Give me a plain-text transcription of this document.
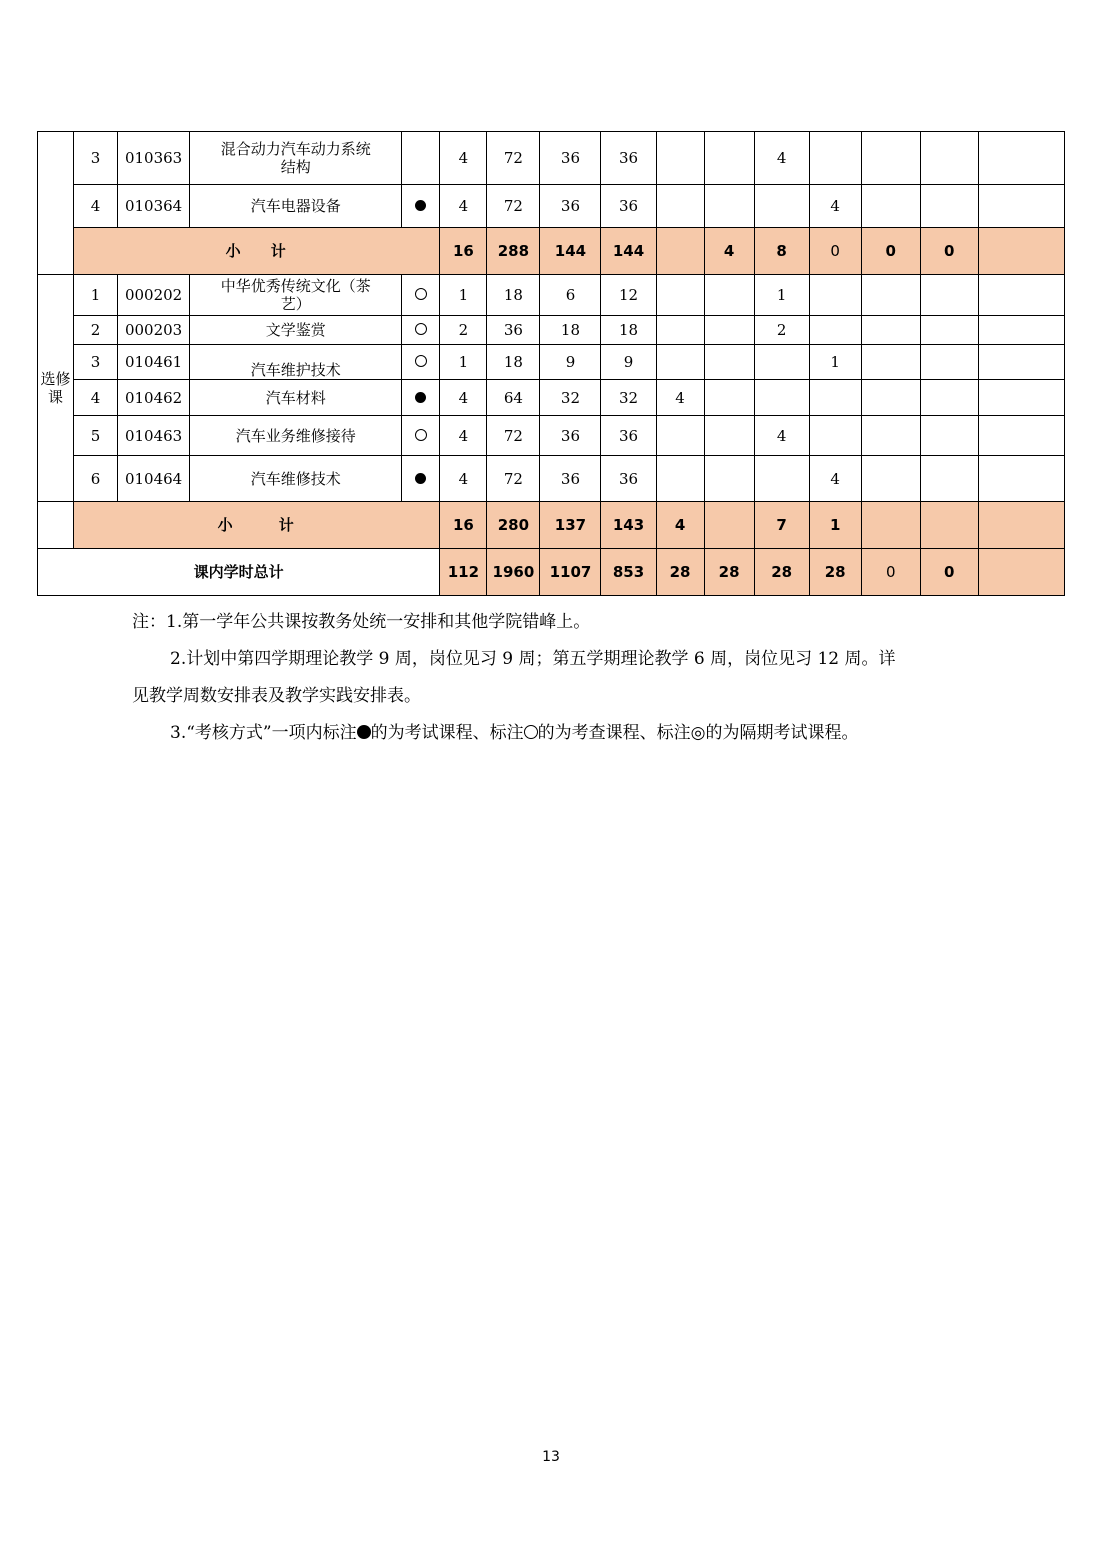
	3	010363	混合动力汽车动力系统
结构		4	72	36	36			4				
	4	010364	汽车电器设备		4	72	36	36				4			
	小 计				16	288	144	144		4	8	0	0	0	
选修
课	1	000202	中华优秀传统文化（茶
艺）		1	18	6	12			1				
	2	000203	文学鉴赏		2	36	18	18			2				
	3	010461	汽车维护技术		1	18	9	9				1			
	4	010462	汽车材料		4	64	32	32	4						
	5	010463	汽车业务维修接待		4	72	36	36			4				
	6	010464	汽车维修技术		4	72	36	36				4			
	小 计				16	280	137	143	4		7	1			
课内学时总计					112	1960	1107	853	28	28	28	28	0	0	

注：1.第一学年公共课按教务处统一安排和其他学院错峰上。

2.计划中第四学期理论教学 9 周，岗位见习 9 周；第五学期理论教学 6 周，岗位见习 12 周。详

见教学周数安排表及教学实践安排表。

3.“考核方式”一项内标注 的为考试课程、标注 的为考查课程、标注◎的为隔期考试课程。

13
